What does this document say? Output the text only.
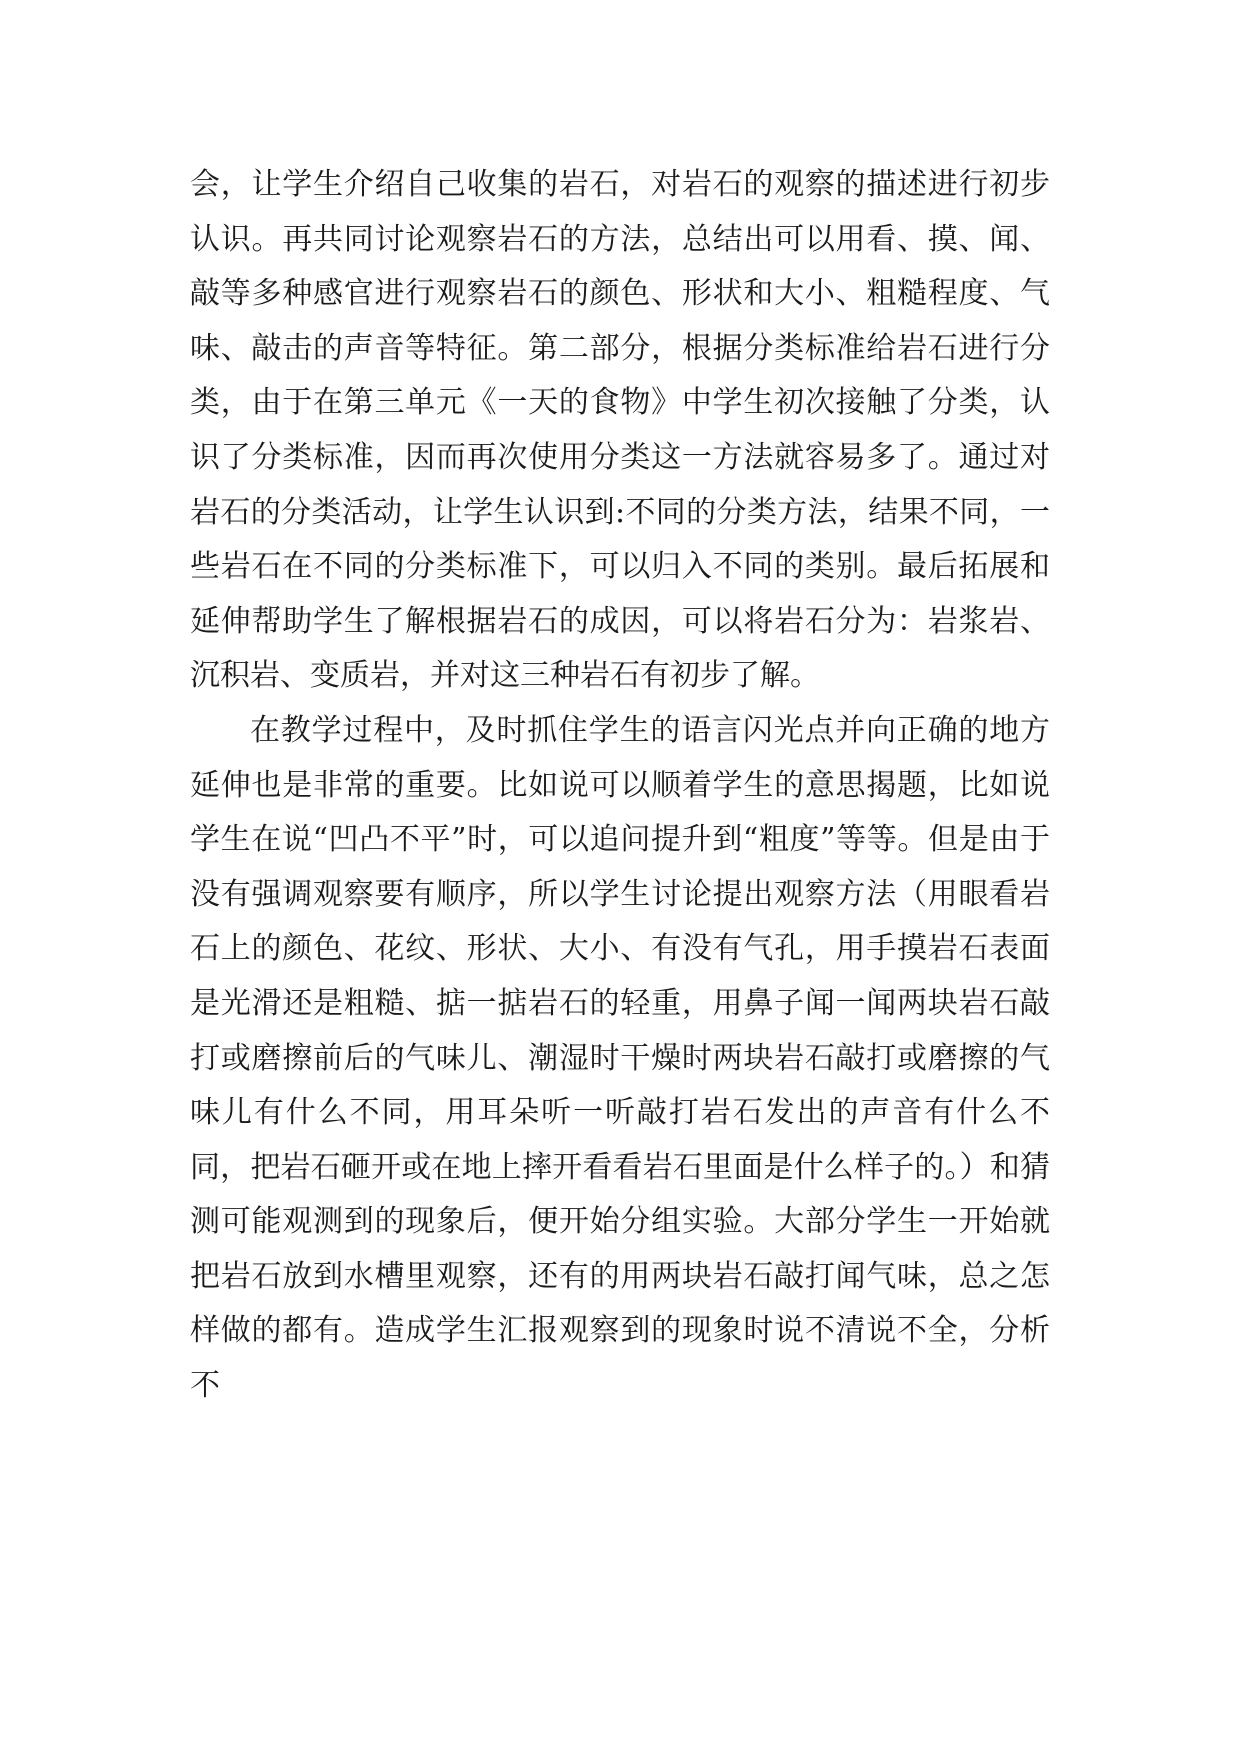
会，让学生介绍自己收集的岩石，对岩石的观察的描述进行初步认识。再共同讨论观察岩石的方法，总结出可以用看、摸、闻、敲等多种感官进行观察岩石的颜色、形状和大小、粗糙程度、气味、敲击的声音等特征。第二部分，根据分类标准给岩石进行分类，由于在第三单元《一天的食物》中学生初次接触了分类，认识了分类标准，因而再次使用分类这一方法就容易多了。通过对岩石的分类活动，让学生认识到:不同的分类方法，结果不同，一些岩石在不同的分类标准下，可以归入不同的类别。最后拓展和延伸帮助学生了解根据岩石的成因，可以将岩石分为：岩浆岩、沉积岩、变质岩，并对这三种岩石有初步了解。

在教学过程中，及时抓住学生的语言闪光点并向正确的地方延伸也是非常的重要。比如说可以顺着学生的意思揭题，比如说学生在说“凹凸不平”时，可以追问提升到“粗度”等等。但是由于没有强调观察要有顺序，所以学生讨论提出观察方法（用眼看岩石上的颜色、花纹、形状、大小、有没有气孔，用手摸岩石表面是光滑还是粗糙、掂一掂岩石的轻重，用鼻子闻一闻两块岩石敲打或磨擦前后的气味儿、潮湿时干燥时两块岩石敲打或磨擦的气味儿有什么不同，用耳朵听一听敲打岩石发出的声音有什么不同，把岩石砸开或在地上摔开看看岩石里面是什么样子的。）和猜测可能观测到的现象后，便开始分组实验。大部分学生一开始就把岩石放到水槽里观察，还有的用两块岩石敲打闻气味，总之怎样做的都有。造成学生汇报观察到的现象时说不清说不全，分析不
